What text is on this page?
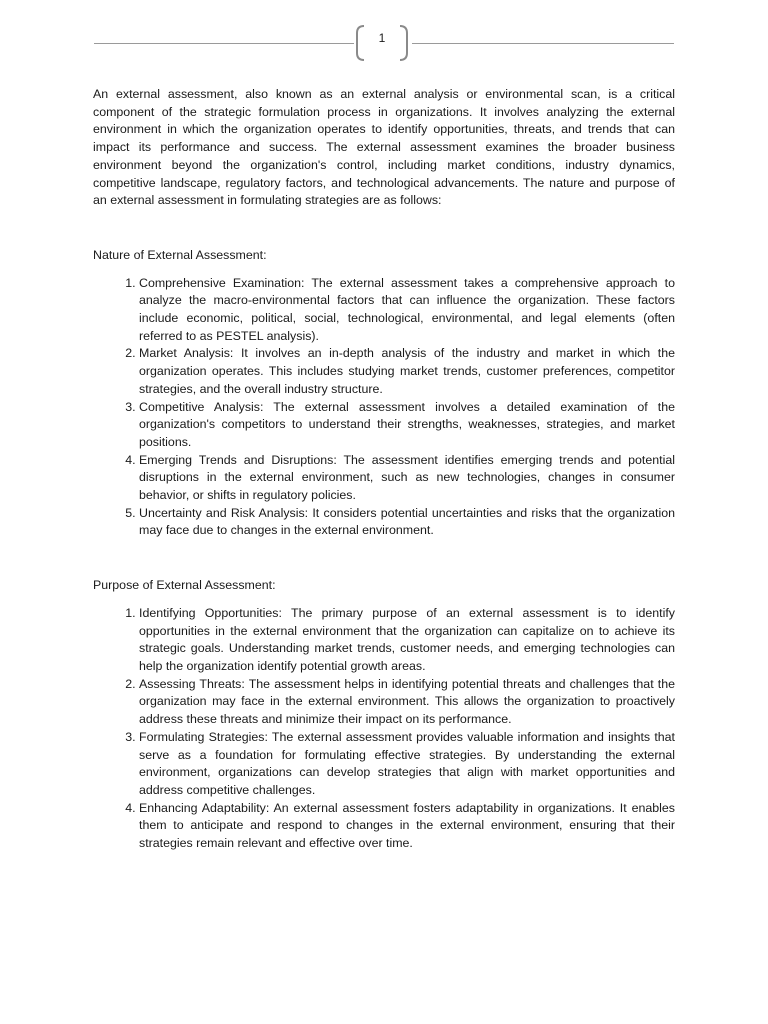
1

An external assessment, also known as an external analysis or environmental scan, is a critical component of the strategic formulation process in organizations. It involves analyzing the external environment in which the organization operates to identify opportunities, threats, and trends that can impact its performance and success. The external assessment examines the broader business environment beyond the organization's control, including market conditions, industry dynamics, competitive landscape, regulatory factors, and technological advancements. The nature and purpose of an external assessment in formulating strategies are as follows:

Nature of External Assessment:
1. Comprehensive Examination: The external assessment takes a comprehensive approach to analyze the macro-environmental factors that can influence the organization. These factors include economic, political, social, technological, environmental, and legal elements (often referred to as PESTEL analysis).
2. Market Analysis: It involves an in-depth analysis of the industry and market in which the organization operates. This includes studying market trends, customer preferences, competitor strategies, and the overall industry structure.
3. Competitive Analysis: The external assessment involves a detailed examination of the organization's competitors to understand their strengths, weaknesses, strategies, and market positions.
4. Emerging Trends and Disruptions: The assessment identifies emerging trends and potential disruptions in the external environment, such as new technologies, changes in consumer behavior, or shifts in regulatory policies.
5. Uncertainty and Risk Analysis: It considers potential uncertainties and risks that the organization may face due to changes in the external environment.
Purpose of External Assessment:
1. Identifying Opportunities: The primary purpose of an external assessment is to identify opportunities in the external environment that the organization can capitalize on to achieve its strategic goals. Understanding market trends, customer needs, and emerging technologies can help the organization identify potential growth areas.
2. Assessing Threats: The assessment helps in identifying potential threats and challenges that the organization may face in the external environment. This allows the organization to proactively address these threats and minimize their impact on its performance.
3. Formulating Strategies: The external assessment provides valuable information and insights that serve as a foundation for formulating effective strategies. By understanding the external environment, organizations can develop strategies that align with market opportunities and address competitive challenges.
4. Enhancing Adaptability: An external assessment fosters adaptability in organizations. It enables them to anticipate and respond to changes in the external environment, ensuring that their strategies remain relevant and effective over time.
